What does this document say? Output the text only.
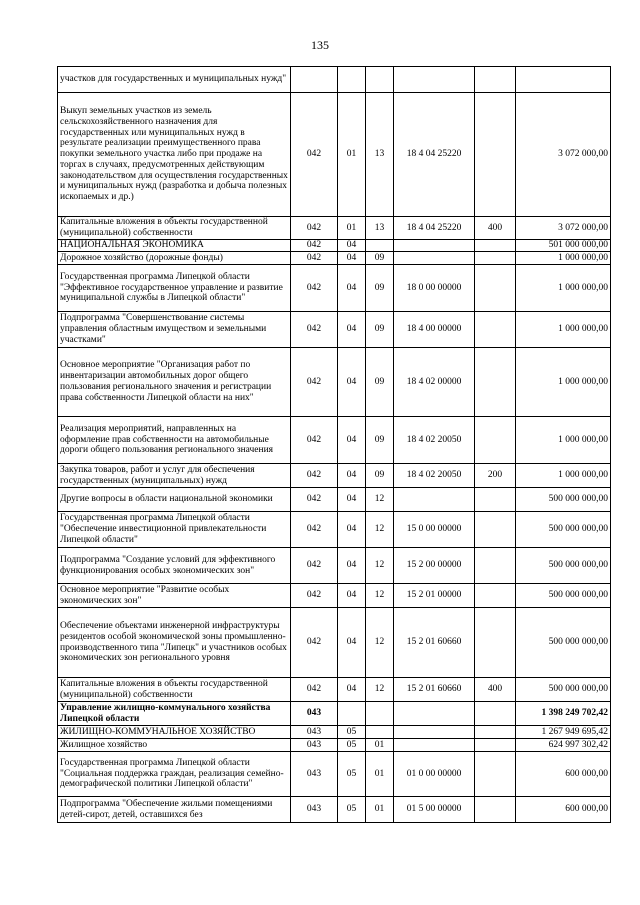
135
участков для государственных и муниципальных нужд"						
Выкуп земельных участков из земель сельскохозяйственного назначения для государственных или муниципальных нужд в результате реализации преимущественного права покупки земельного участка либо при продаже на торгах в случаях, предусмотренных действующим законодательством для осуществления государственных и муниципальных нужд (разработка и добыча полезных ископаемых и др.)	042	01	13	18 4 04 25220		3 072 000,00
Капитальные вложения в объекты государственной (муниципальной) собственности	042	01	13	18 4 04 25220	400	3 072 000,00
НАЦИОНАЛЬНАЯ ЭКОНОМИКА	042	04				501 000 000,00
Дорожное хозяйство (дорожные фонды)	042	04	09			1 000 000,00
Государственная программа Липецкой области "Эффективное государственное управление и развитие муниципальной службы в Липецкой области"	042	04	09	18 0 00 00000		1 000 000,00
Подпрограмма "Совершенствование системы управления областным имуществом и земельными участками"	042	04	09	18 4 00 00000		1 000 000,00
Основное мероприятие "Организация работ по инвентаризации автомобильных дорог общего пользования регионального значения и регистрации права собственности Липецкой области на них"	042	04	09	18 4 02 00000		1 000 000,00
Реализация мероприятий, направленных на оформление прав собственности на автомобильные дороги общего пользования регионального значения	042	04	09	18 4 02 20050		1 000 000,00
Закупка товаров, работ и услуг для обеспечения государственных (муниципальных) нужд	042	04	09	18 4 02 20050	200	1 000 000,00
Другие вопросы в области национальной экономики	042	04	12			500 000 000,00
Государственная программа Липецкой области "Обеспечение инвестиционной привлекательности Липецкой области"	042	04	12	15 0 00 00000		500 000 000,00
Подпрограмма "Создание условий для эффективного функционирования особых экономических зон"	042	04	12	15 2 00 00000		500 000 000,00
Основное мероприятие "Развитие особых экономических зон"	042	04	12	15 2 01 00000		500 000 000,00
Обеспечение объектами инженерной инфраструктуры резидентов особой экономической зоны промышленно-производственного типа "Липецк" и участников особых экономических зон регионального уровня	042	04	12	15 2 01 60660		500 000 000,00
Капитальные вложения в объекты государственной (муниципальной) собственности	042	04	12	15 2 01 60660	400	500 000 000,00
Управление жилищно-коммунального хозяйства Липецкой области	043					1 398 249 702,42
ЖИЛИЩНО-КОММУНАЛЬНОЕ ХОЗЯЙСТВО	043	05				1 267 949 695,42
Жилищное хозяйство	043	05	01			624 997 302,42
Государственная программа Липецкой области "Социальная поддержка граждан, реализация семейно-демографической политики Липецкой области"	043	05	01	01 0 00 00000		600 000,00
Подпрограмма "Обеспечение жильми помещениями детей-сирот, детей, оставшихся без	043	05	01	01 5 00 00000		600 000,00
